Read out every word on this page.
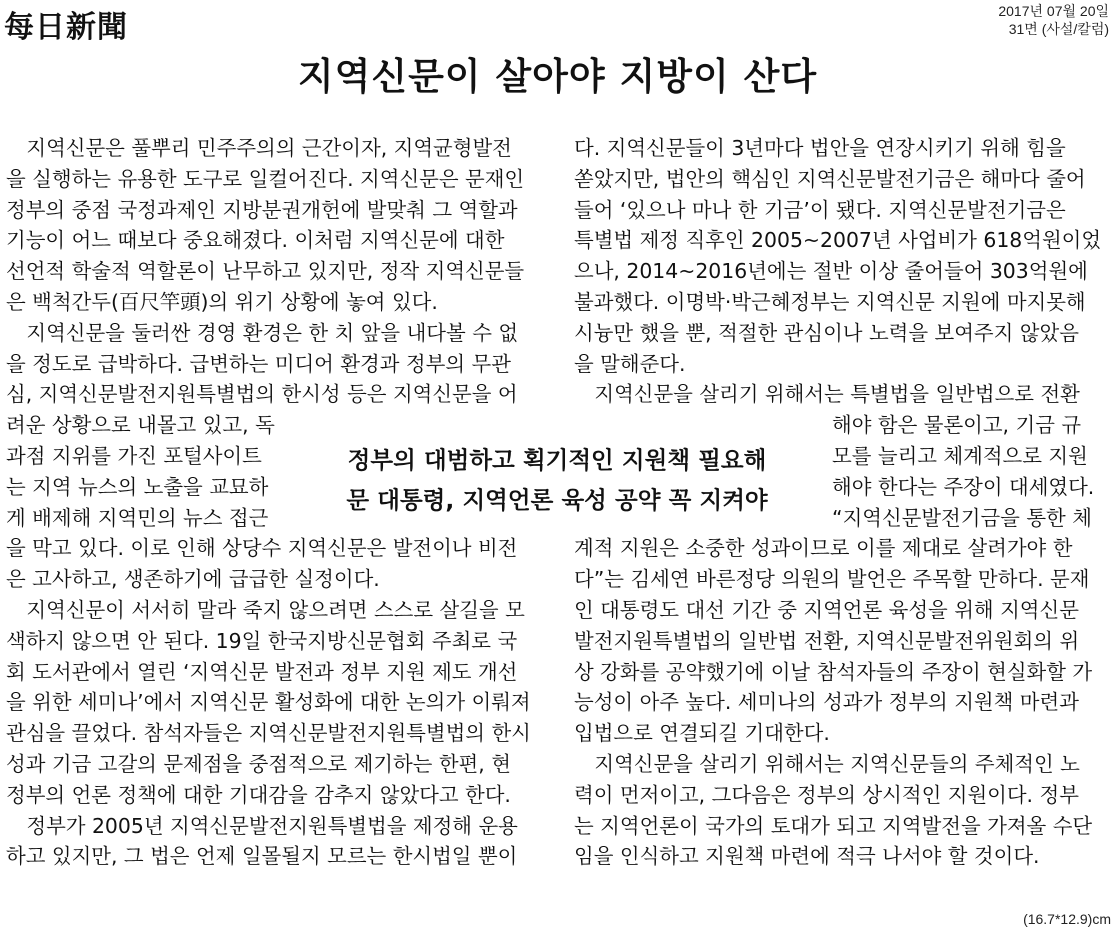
每日新聞	2017년 07월 20일
31면 (사설/칼럼)
지역신문이 살아야 지방이 산다
　지역신문은 풀뿌리 민주주의의 근간이자, 지역균형발전
을 실행하는 유용한 도구로 일컬어진다. 지역신문은 문재인
정부의 중점 국정과제인 지방분권개헌에 발맞춰 그 역할과
기능이 어느 때보다 중요해졌다. 이처럼 지역신문에 대한
선언적 학술적 역할론이 난무하고 있지만, 정작 지역신문들
은 백척간두(百尺竿頭)의 위기 상황에 놓여 있다.
　지역신문을 둘러싼 경영 환경은 한 치 앞을 내다볼 수 없
을 정도로 급박하다. 급변하는 미디어 환경과 정부의 무관
심, 지역신문발전지원특별법의 한시성 등은 지역신문을 어
려운 상황으로 내몰고 있고, 독
과점 지위를 가진 포털사이트
는 지역 뉴스의 노출을 교묘하
게 배제해 지역민의 뉴스 접근
을 막고 있다. 이로 인해 상당수 지역신문은 발전이나 비전
은 고사하고, 생존하기에 급급한 실정이다.
　지역신문이 서서히 말라 죽지 않으려면 스스로 살길을 모
색하지 않으면 안 된다. 19일 한국지방신문협회 주최로 국
회 도서관에서 열린 ‘지역신문 발전과 정부 지원 제도 개선
을 위한 세미나’에서 지역신문 활성화에 대한 논의가 이뤄져
관심을 끌었다. 참석자들은 지역신문발전지원특별법의 한시
성과 기금 고갈의 문제점을 중점적으로 제기하는 한편, 현
정부의 언론 정책에 대한 기대감을 감추지 않았다고 한다.
　정부가 2005년 지역신문발전지원특별법을 제정해 운용
하고 있지만, 그 법은 언제 일몰될지 모르는 한시법일 뿐이
다. 지역신문들이 3년마다 법안을 연장시키기 위해 힘을
쏟았지만, 법안의 핵심인 지역신문발전기금은 해마다 줄어
들어 ‘있으나 마나 한 기금’이 됐다. 지역신문발전기금은
특별법 제정 직후인 2005~2007년 사업비가 618억원이었
으나, 2014~2016년에는 절반 이상 줄어들어 303억원에
불과했다. 이명박·박근혜정부는 지역신문 지원에 마지못해
시늉만 했을 뿐, 적절한 관심이나 노력을 보여주지 않았음
을 말해준다.
　지역신문을 살리기 위해서는 특별법을 일반법으로 전환
해야 함은 물론이고, 기금 규
모를 늘리고 체계적으로 지원
해야 한다는 주장이 대세였다.
“지역신문발전기금을 통한 체
계적 지원은 소중한 성과이므로 이를 제대로 살려가야 한
다”는 김세연 바른정당 의원의 발언은 주목할 만하다. 문재
인 대통령도 대선 기간 중 지역언론 육성을 위해 지역신문
발전지원특별법의 일반법 전환, 지역신문발전위원회의 위
상 강화를 공약했기에 이날 참석자들의 주장이 현실화할 가
능성이 아주 높다. 세미나의 성과가 정부의 지원책 마련과
입법으로 연결되길 기대한다.
　지역신문을 살리기 위해서는 지역신문들의 주체적인 노
력이 먼저이고, 그다음은 정부의 상시적인 지원이다. 정부
는 지역언론이 국가의 토대가 되고 지역발전을 가져올 수단
임을 인식하고 지원책 마련에 적극 나서야 할 것이다.
정부의 대범하고 획기적인 지원책 필요해
문 대통령, 지역언론 육성 공약 꼭 지켜야
(16.7*12.9)cm
